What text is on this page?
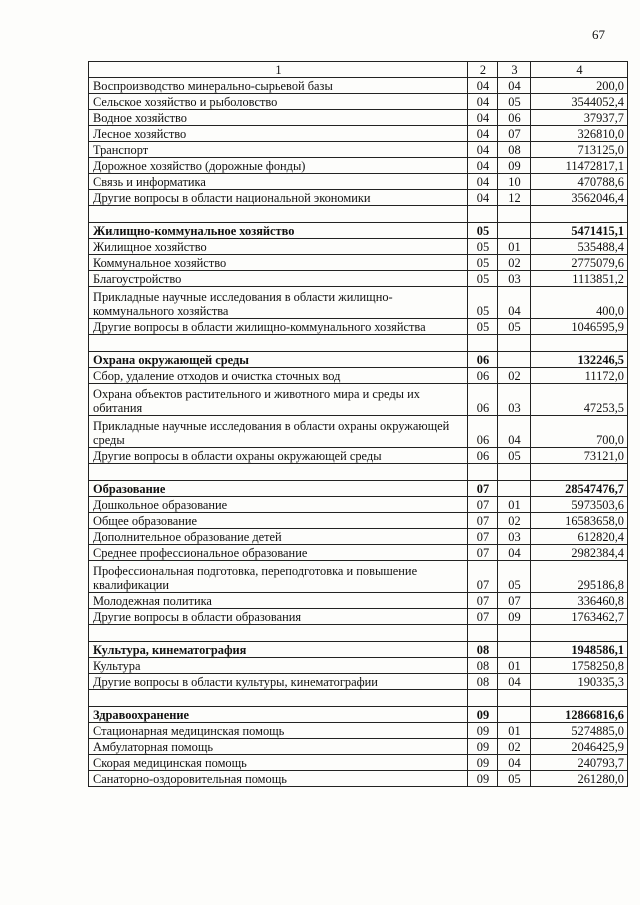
67
1	2	3	4
Воспроизводство минерально-сырьевой базы	04	04	200,0
Сельское хозяйство и рыболовство	04	05	3544052,4
Водное хозяйство	04	06	37937,7
Лесное хозяйство	04	07	326810,0
Транспорт	04	08	713125,0
Дорожное хозяйство (дорожные фонды)	04	09	11472817,1
Связь и информатика	04	10	470788,6
Другие вопросы в области национальной экономики	04	12	3562046,4

Жилищно-коммунальное хозяйство	05		5471415,1
Жилищное хозяйство	05	01	535488,4
Коммунальное хозяйство	05	02	2775079,6
Благоустройство	05	03	1113851,2
Прикладные научные исследования в области жилищно-коммунального хозяйства	05	04	400,0
Другие вопросы в области жилищно-коммунального хозяйства	05	05	1046595,9

Охрана окружающей среды	06		132246,5
Сбор, удаление отходов и очистка сточных вод	06	02	11172,0
Охрана объектов растительного и животного мира и среды их обитания	06	03	47253,5
Прикладные научные исследования в области охраны окружающей среды	06	04	700,0
Другие вопросы в области охраны окружающей среды	06	05	73121,0

Образование	07		28547476,7
Дошкольное образование	07	01	5973503,6
Общее образование	07	02	16583658,0
Дополнительное образование детей	07	03	612820,4
Среднее профессиональное образование	07	04	2982384,4
Профессиональная подготовка, переподготовка и повышение квалификации	07	05	295186,8
Молодежная политика	07	07	336460,8
Другие вопросы в области образования	07	09	1763462,7

Культура, кинематография	08		1948586,1
Культура	08	01	1758250,8
Другие вопросы в области культуры, кинематографии	08	04	190335,3

Здравоохранение	09		12866816,6
Стационарная медицинская помощь	09	01	5274885,0
Амбулаторная помощь	09	02	2046425,9
Скорая медицинская помощь	09	04	240793,7
Санаторно-оздоровительная помощь	09	05	261280,0
